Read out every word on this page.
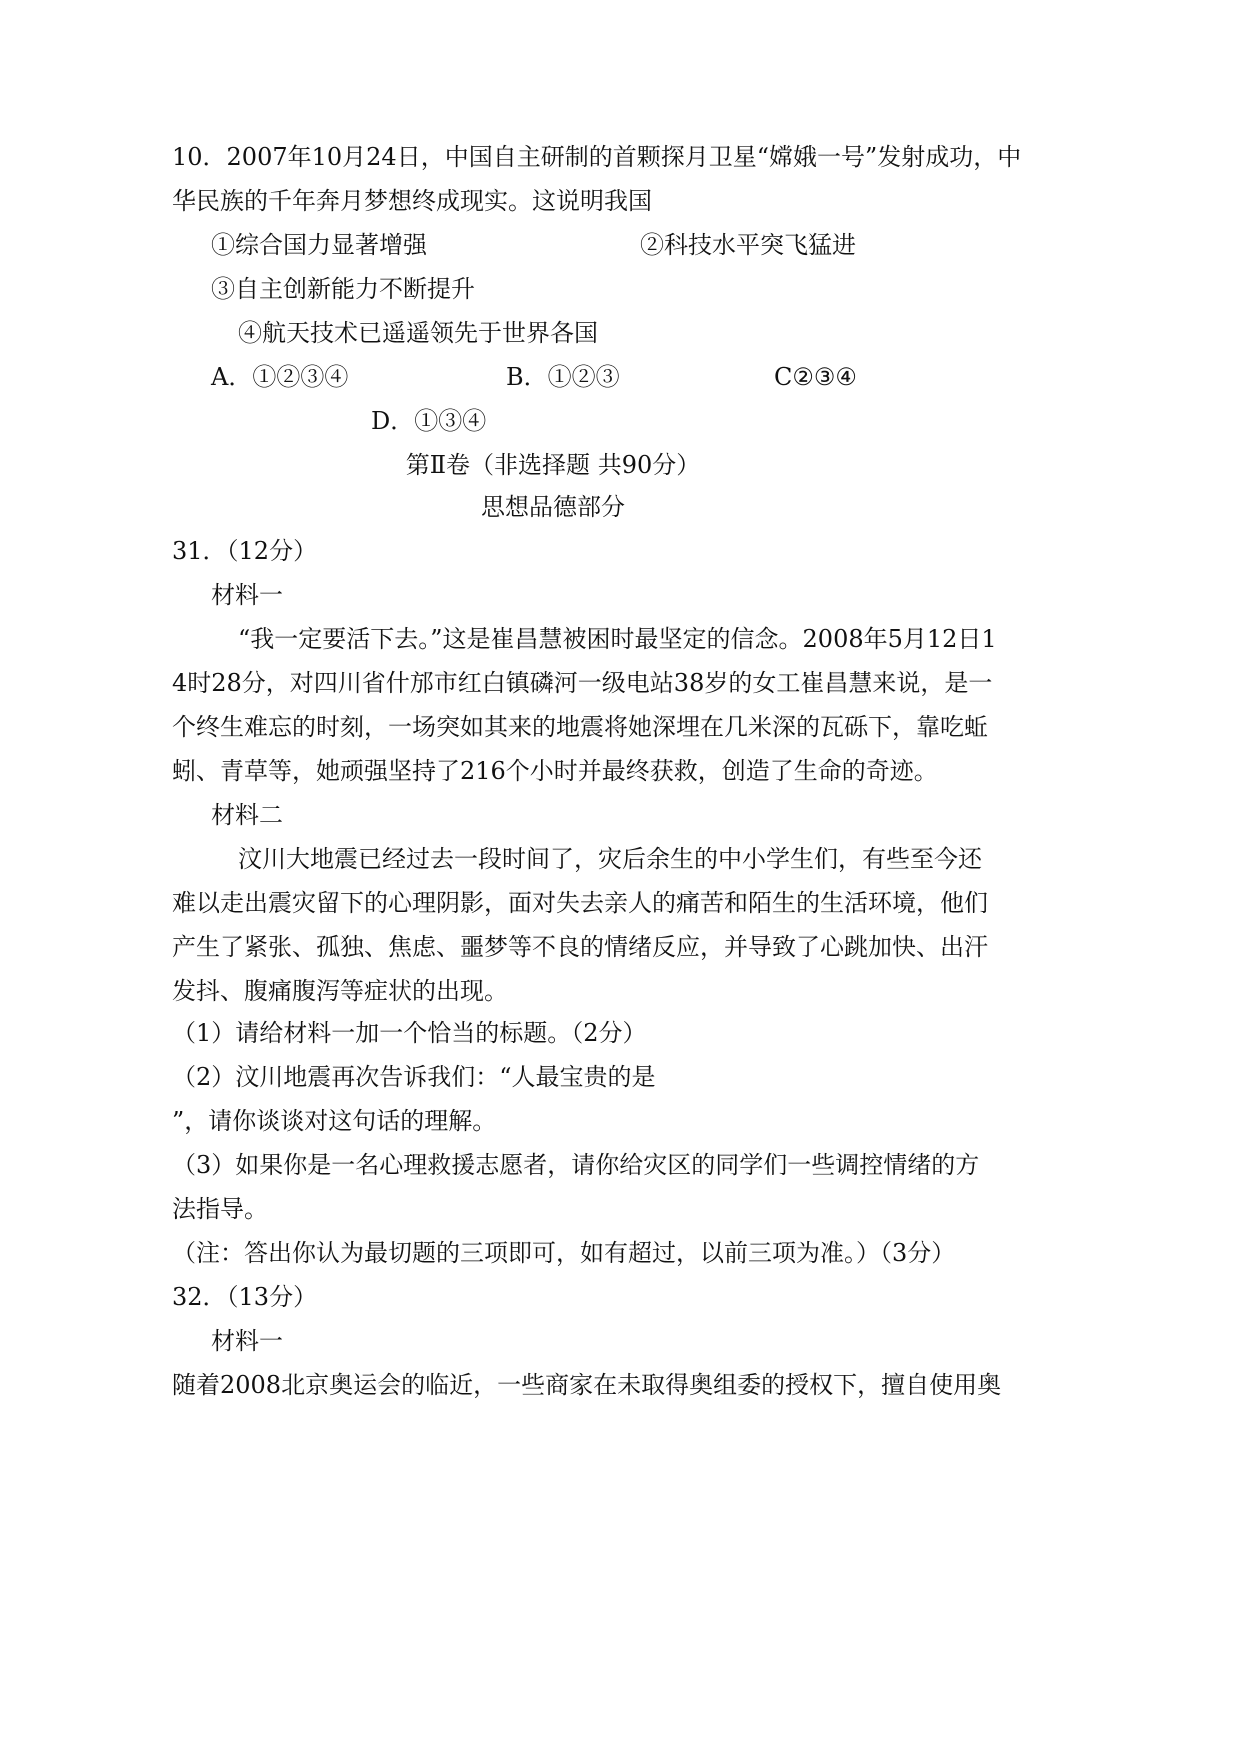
10．2007年10月24日，中国自主研制的首颗探月卫星“嫦娥一号”发射成功，中
华民族的千年奔月梦想终成现实。这说明我国
①综合国力显著增强	②科技水平突飞猛进
③自主创新能力不断提升
④航天技术已遥遥领先于世界各国
A．①②③④	B．①②③	C②③④
D．①③④
第Ⅱ卷（非选择题 共90分）
思想品德部分
31．（12分）
材料一
“我一定要活下去。”这是崔昌慧被困时最坚定的信念。2008年5月12日1
4时28分，对四川省什邡市红白镇磷河一级电站38岁的女工崔昌慧来说，是一
个终生难忘的时刻，一场突如其来的地震将她深埋在几米深的瓦砾下，靠吃蚯
蚓、青草等，她顽强坚持了216个小时并最终获救，创造了生命的奇迹。
材料二
汶川大地震已经过去一段时间了，灾后余生的中小学生们，有些至今还
难以走出震灾留下的心理阴影，面对失去亲人的痛苦和陌生的生活环境，他们
产生了紧张、孤独、焦虑、噩梦等不良的情绪反应，并导致了心跳加快、出汗
发抖、腹痛腹泻等症状的出现。
（1）请给材料一加一个恰当的标题。（2分）
（2）汶川地震再次告诉我们：“人最宝贵的是
”，请你谈谈对这句话的理解。
（3）如果你是一名心理救援志愿者，请你给灾区的同学们一些调控情绪的方
法指导。
（注：答出你认为最切题的三项即可，如有超过，以前三项为准。）（3分）
32．（13分）
材料一
随着2008北京奥运会的临近，一些商家在未取得奥组委的授权下，擅自使用奥
